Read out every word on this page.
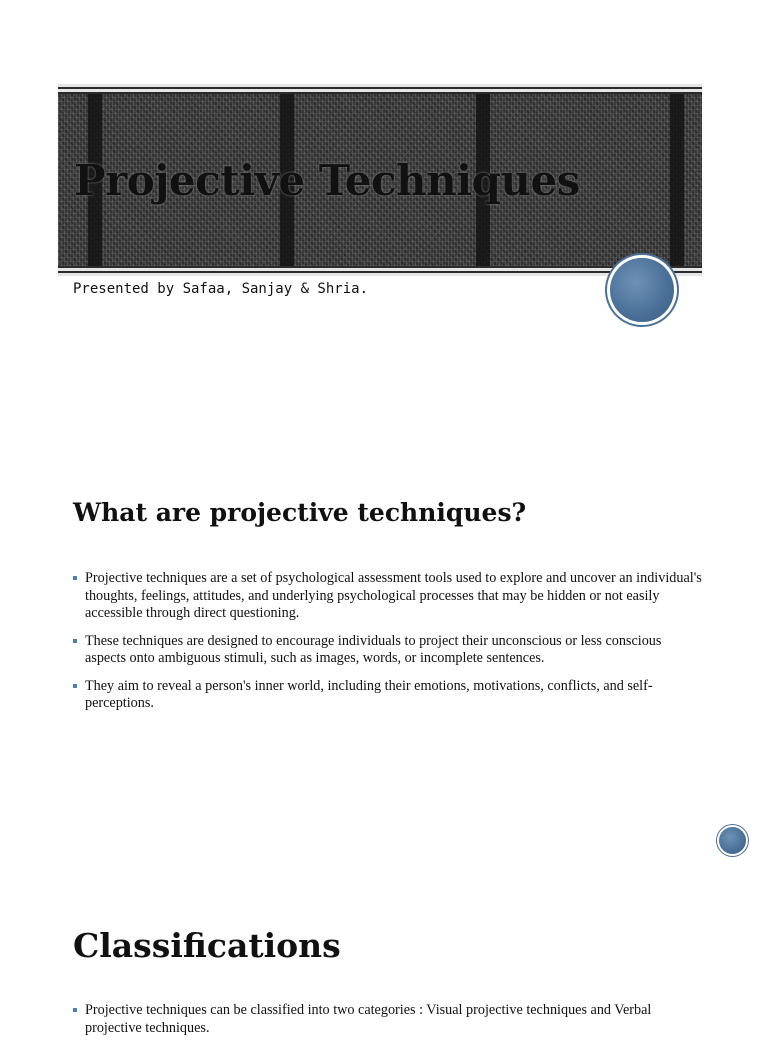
Projective Techniques

Presented by Safaa, Sanjay & Shria.

What are projective techniques?
Projective techniques are a set of psychological assessment tools used to explore and uncover an individual's thoughts, feelings, attitudes, and underlying psychological processes that may be hidden or not easily accessible through direct questioning.
These techniques are designed to encourage individuals to project their unconscious or less conscious aspects onto ambiguous stimuli, such as images, words, or incomplete sentences.
They aim to reveal a person's inner world, including their emotions, motivations, conflicts, and self-perceptions.
Classifications
Projective techniques can be classified into two categories : Visual projective techniques and Verbal projective techniques.
